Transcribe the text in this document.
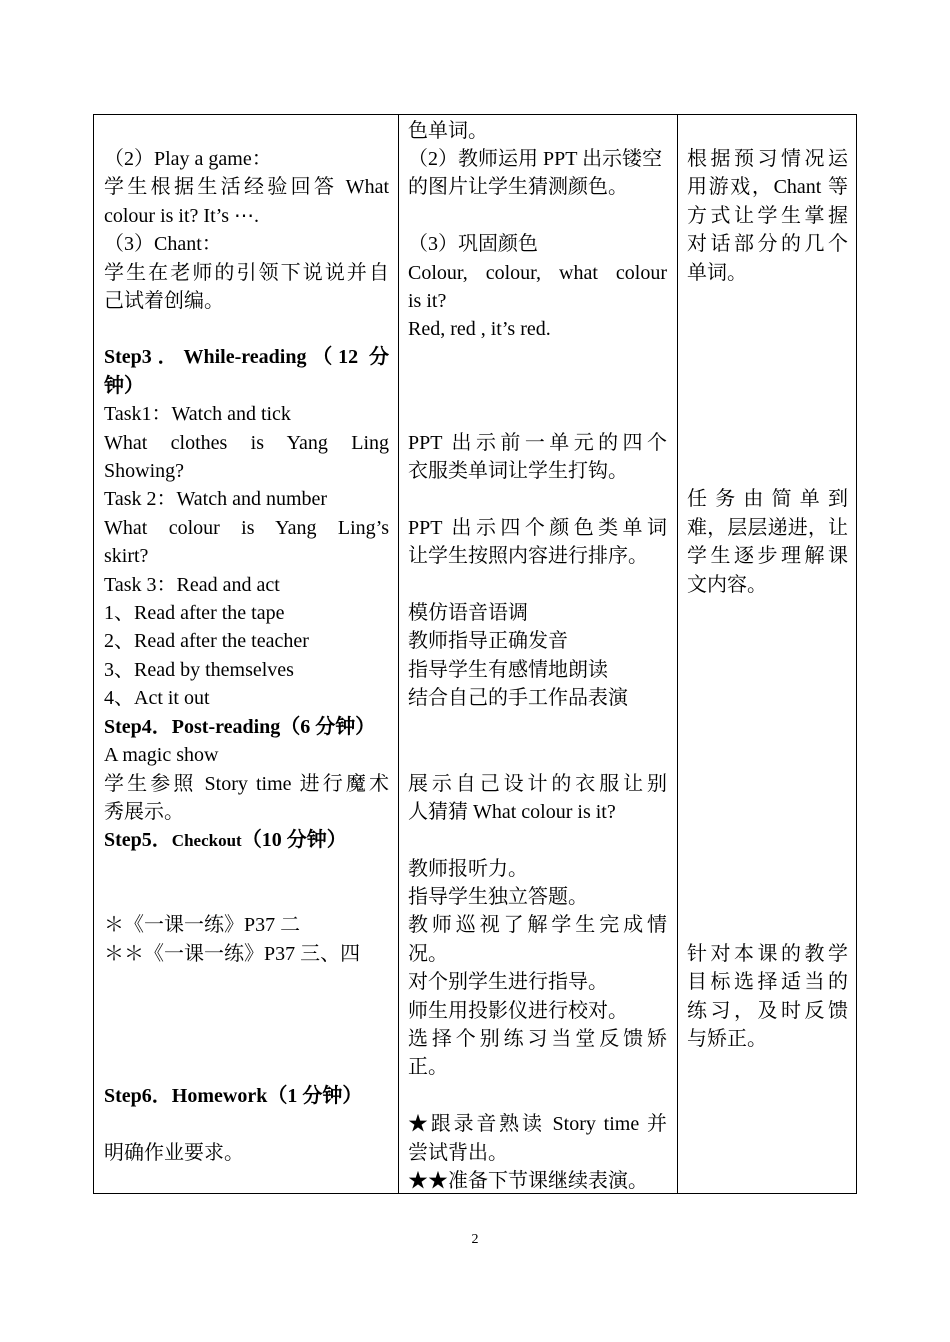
（2）Play a game：
学生根据生活经验回答 What
colour is it? It’s ⋯.
（3）Chant：
学生在老师的引领下说说并自
己试着创编。
Step3．While-reading（12 分
钟）
Task1：Watch and tick
What clothes is Yang Ling
Showing?
Task 2：Watch and number
What colour is Yang Ling’s
skirt?
Task 3：Read and act
1、Read after the tape
2、Read after the teacher
3、Read by themselves
4、Act it out
Step4．Post-reading（6 分钟）
A magic show
学生参照 Story time 进行魔术
秀展示。
Step5．Checkout（10 分钟）
＊《一课一练》P37 二
＊＊《一课一练》P37 三、四
Step6．Homework（1 分钟）
明确作业要求。
色单词。
（2）教师运用 PPT 出示镂空
的图片让学生猜测颜色。
（3）巩固颜色
Colour, colour, what colour
is it?
Red, red , it’s red.
PPT 出示前一单元的四个
衣服类单词让学生打钩。
PPT 出示四个颜色类单词
让学生按照内容进行排序。
模仿语音语调
教师指导正确发音
指导学生有感情地朗读
结合自己的手工作品表演
展示自己设计的衣服让别
人猜猜 What colour is it?
教师报听力。
指导学生独立答题。
教师巡视了解学生完成情
况。
对个别学生进行指导。
师生用投影仪进行校对。
选择个别练习当堂反馈矫
正。
★跟录音熟读 Story time 并
尝试背出。
★★准备下节课继续表演。
根据预习情况运
用游戏，Chant 等
方式让学生掌握
对话部分的几个
单词。
任 务 由 简 单 到
难，层层递进，让
学生逐步理解课
文内容。
针对本课的教学
目标选择适当的
练习，及时反馈
与矫正。
2
